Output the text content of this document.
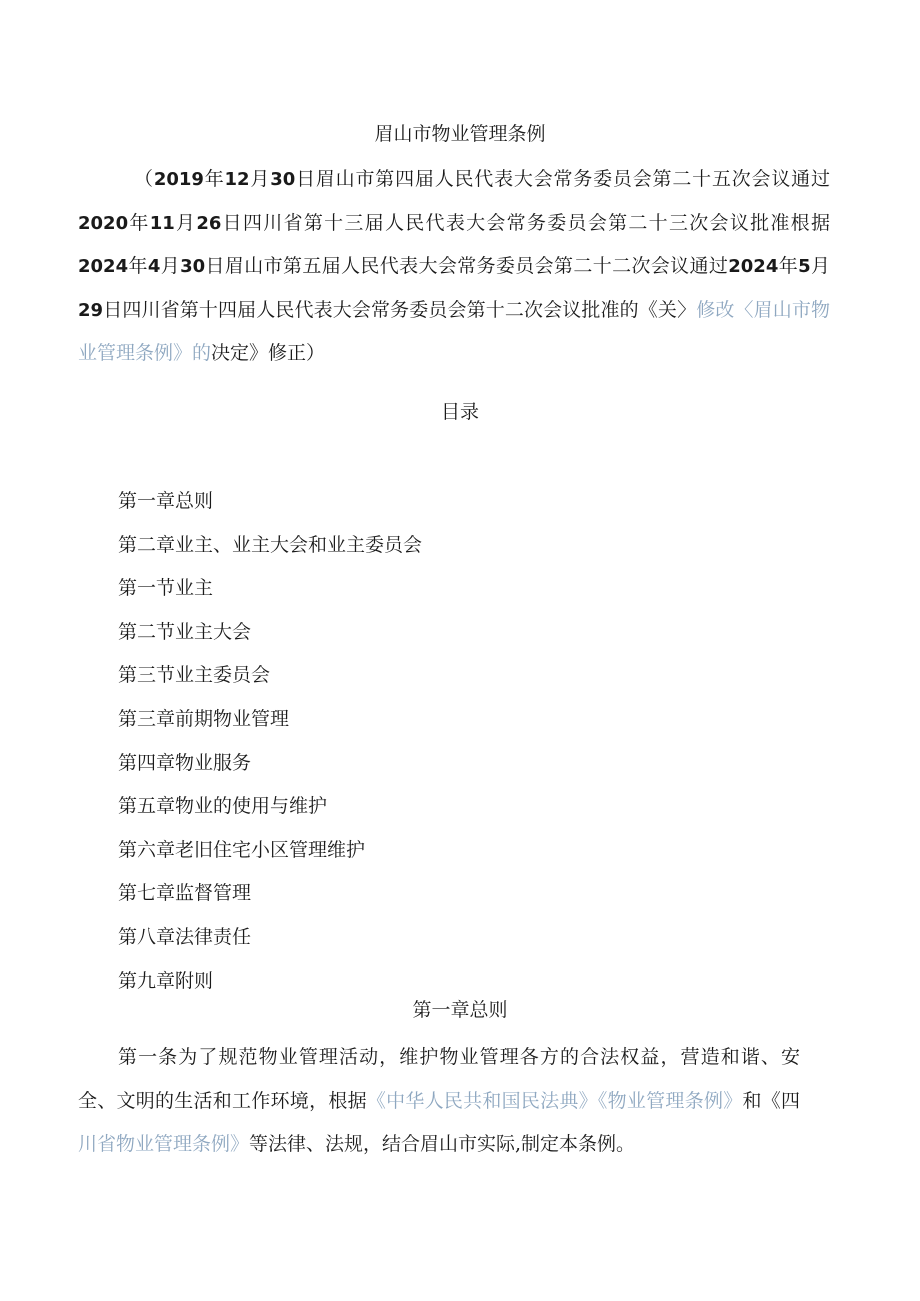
眉山市物业管理条例

（2019年12月30日眉山市第四届人民代表大会常务委员会第二十五次会议通过2020年11月26日四川省第十三届人民代表大会常务委员会第二十三次会议批准根据2024年4月30日眉山市第五届人民代表大会常务委员会第二十二次会议通过2024年5月29日四川省第十四届人民代表大会常务委员会第十二次会议批准的《关〉修改〈眉山市物业管理条例》的决定》修正）

目录
第一章总则
第二章业主、业主大会和业主委员会
第一节业主
第二节业主大会
第三节业主委员会
第三章前期物业管理
第四章物业服务
第五章物业的使用与维护
第六章老旧住宅小区管理维护
第七章监督管理
第八章法律责任
第九章附则
第一章总则

第一条为了规范物业管理活动，维护物业管理各方的合法权益，营造和谐、安全、文明的生活和工作环境，根据《中华人民共和国民法典》《物业管理条例》和《四川省物业管理条例》等法律、法规，结合眉山市实际,制定本条例。
